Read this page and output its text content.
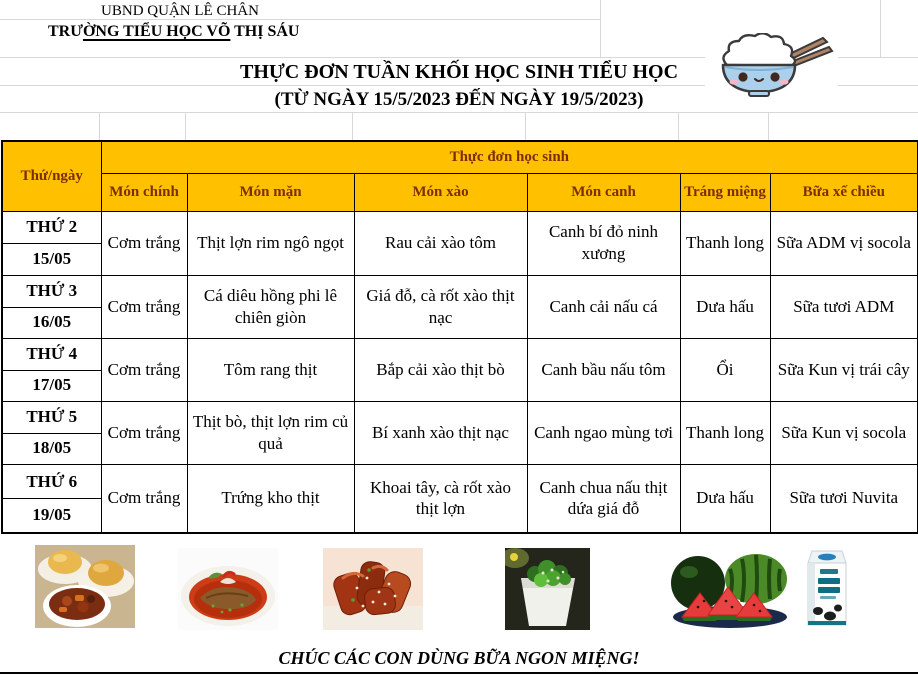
UBND QUẬN LÊ CHÂN
TRƯỜNG TIỂU HỌC VÕ THỊ SÁU
THỰC ĐƠN TUẦN KHỐI HỌC SINH TIỂU HỌC
(TỪ NGÀY 15/5/2023 ĐẾN NGÀY 19/5/2023)
Thứ/ngày	Thực đơn học sinh					
	Món chính	Món mặn	Món xào	Món canh	Tráng miệng	Bữa xế chiều

THỨ 2
15/05	Cơm trắng	Thịt lợn rim ngô ngọt	Rau cải xào tôm	Canh bí đỏ ninh xương	Thanh long	Sữa ADM vị socola

THỨ 3
16/05	Cơm trắng	Cá diêu hồng phi lê chiên giòn	Giá đỗ, cà rốt xào thịt nạc	Canh cải nấu cá	Dưa hấu	Sữa tươi ADM

THỨ 4
17/05	Cơm trắng	Tôm rang thịt	Bắp cải xào thịt bò	Canh bầu nấu tôm	Ổi	Sữa Kun vị trái cây

THỨ 5
18/05	Cơm trắng	Thịt bò, thịt lợn rim củ quả	Bí xanh xào thịt nạc	Canh ngao mùng tơi	Thanh long	Sữa Kun vị socola

THỨ 6
19/05	Cơm trắng	Trứng kho thịt	Khoai tây, cà rốt xào thịt lợn	Canh chua nấu thịt dứa giá đỗ	Dưa hấu	Sữa tươi Nuvita
CHÚC CÁC CON DÙNG BỮA NGON MIỆNG!
